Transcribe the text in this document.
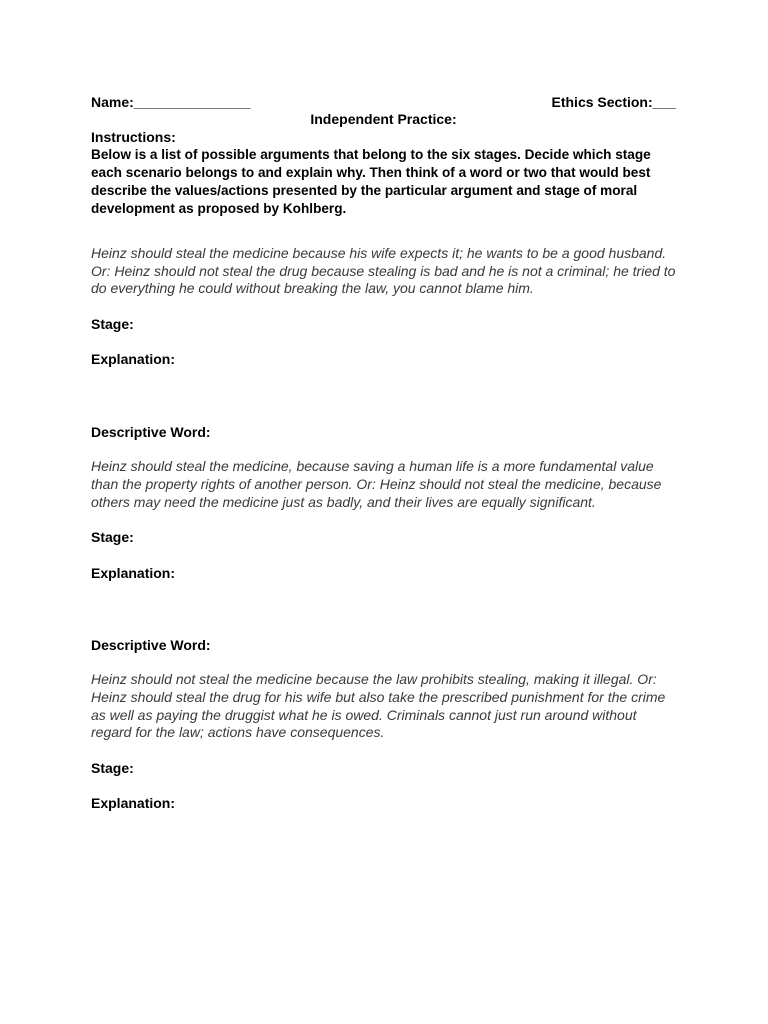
Name:_______________	Ethics Section:___
Independent Practice:
Instructions:
Below is a list of possible arguments that belong to the six stages. Decide which stage each scenario belongs to and explain why. Then think of a word or two that would best describe the values/actions presented by the particular argument and stage of moral development as proposed by Kohlberg.
Heinz should steal the medicine because his wife expects it; he wants to be a good husband. Or: Heinz should not steal the drug because stealing is bad and he is not a criminal; he tried to do everything he could without breaking the law, you cannot blame him.
Stage:
Explanation:
Descriptive Word:
Heinz should steal the medicine, because saving a human life is a more fundamental value than the property rights of another person. Or: Heinz should not steal the medicine, because others may need the medicine just as badly, and their lives are equally significant.
Stage:
Explanation:
Descriptive Word:
Heinz should not steal the medicine because the law prohibits stealing, making it illegal. Or: Heinz should steal the drug for his wife but also take the prescribed punishment for the crime as well as paying the druggist what he is owed. Criminals cannot just run around without regard for the law; actions have consequences.
Stage:
Explanation:
